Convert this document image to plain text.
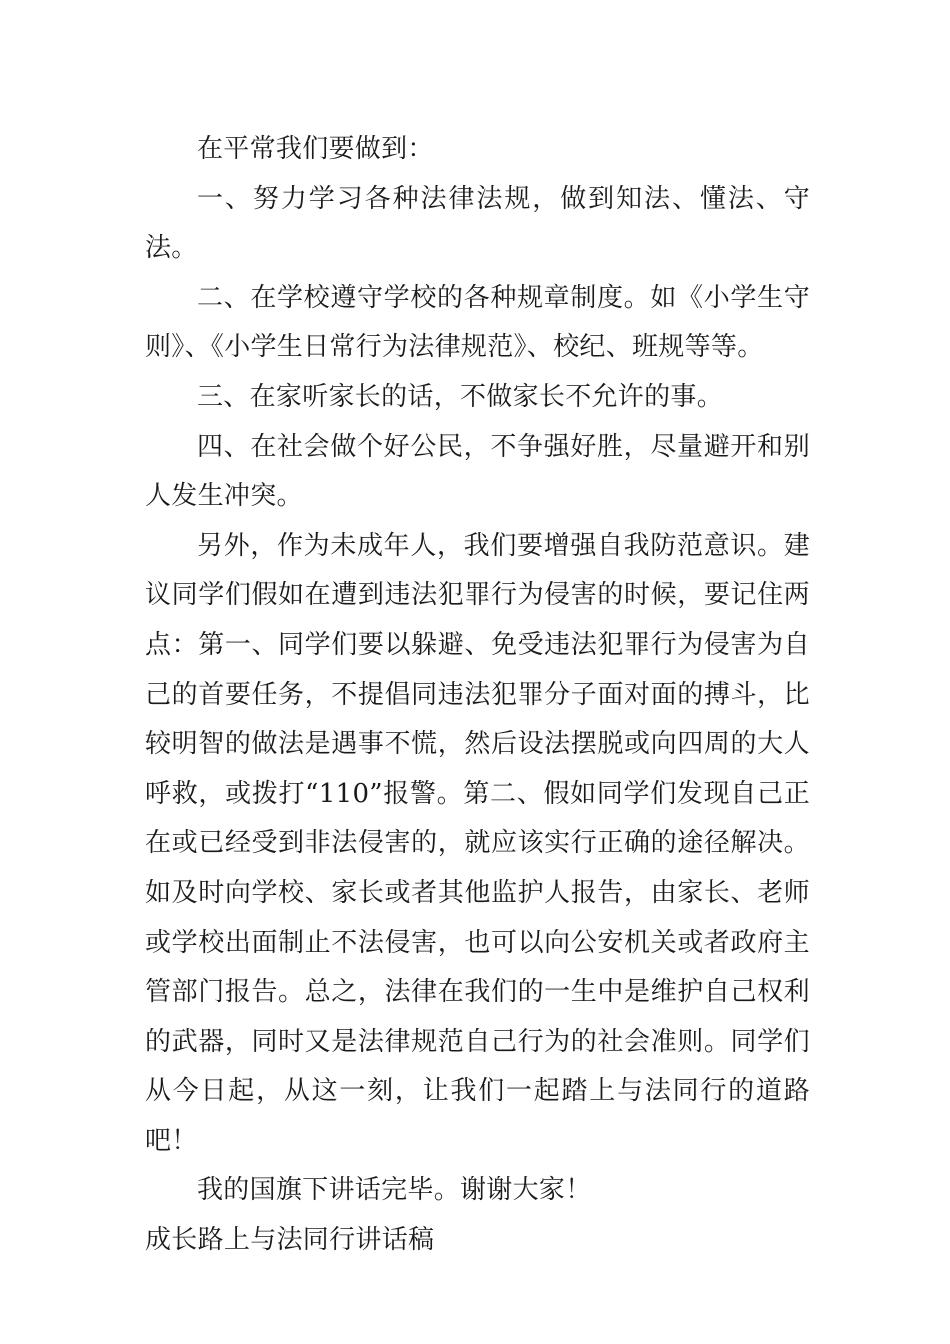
在平常我们要做到：

一、努力学习各种法律法规，做到知法、懂法、守法。

二、在学校遵守学校的各种规章制度。如《小学生守则》、《小学生日常行为法律规范》、校纪、班规等等。

三、在家听家长的话，不做家长不允许的事。

四、在社会做个好公民，不争强好胜，尽量避开和别人发生冲突。

另外，作为未成年人，我们要增强自我防范意识。建议同学们假如在遭到违法犯罪行为侵害的时候，要记住两点：第一、同学们要以躲避、免受违法犯罪行为侵害为自己的首要任务，不提倡同违法犯罪分子面对面的搏斗，比较明智的做法是遇事不慌，然后设法摆脱或向四周的大人呼救，或拨打“110”报警。第二、假如同学们发现自己正在或已经受到非法侵害的，就应该实行正确的途径解决。如及时向学校、家长或者其他监护人报告，由家长、老师或学校出面制止不法侵害，也可以向公安机关或者政府主管部门报告。总之，法律在我们的一生中是维护自己权利的武器，同时又是法律规范自己行为的社会准则。同学们从今日起，从这一刻，让我们一起踏上与法同行的道路吧！

我的国旗下讲话完毕。谢谢大家！

成长路上与法同行讲话稿
